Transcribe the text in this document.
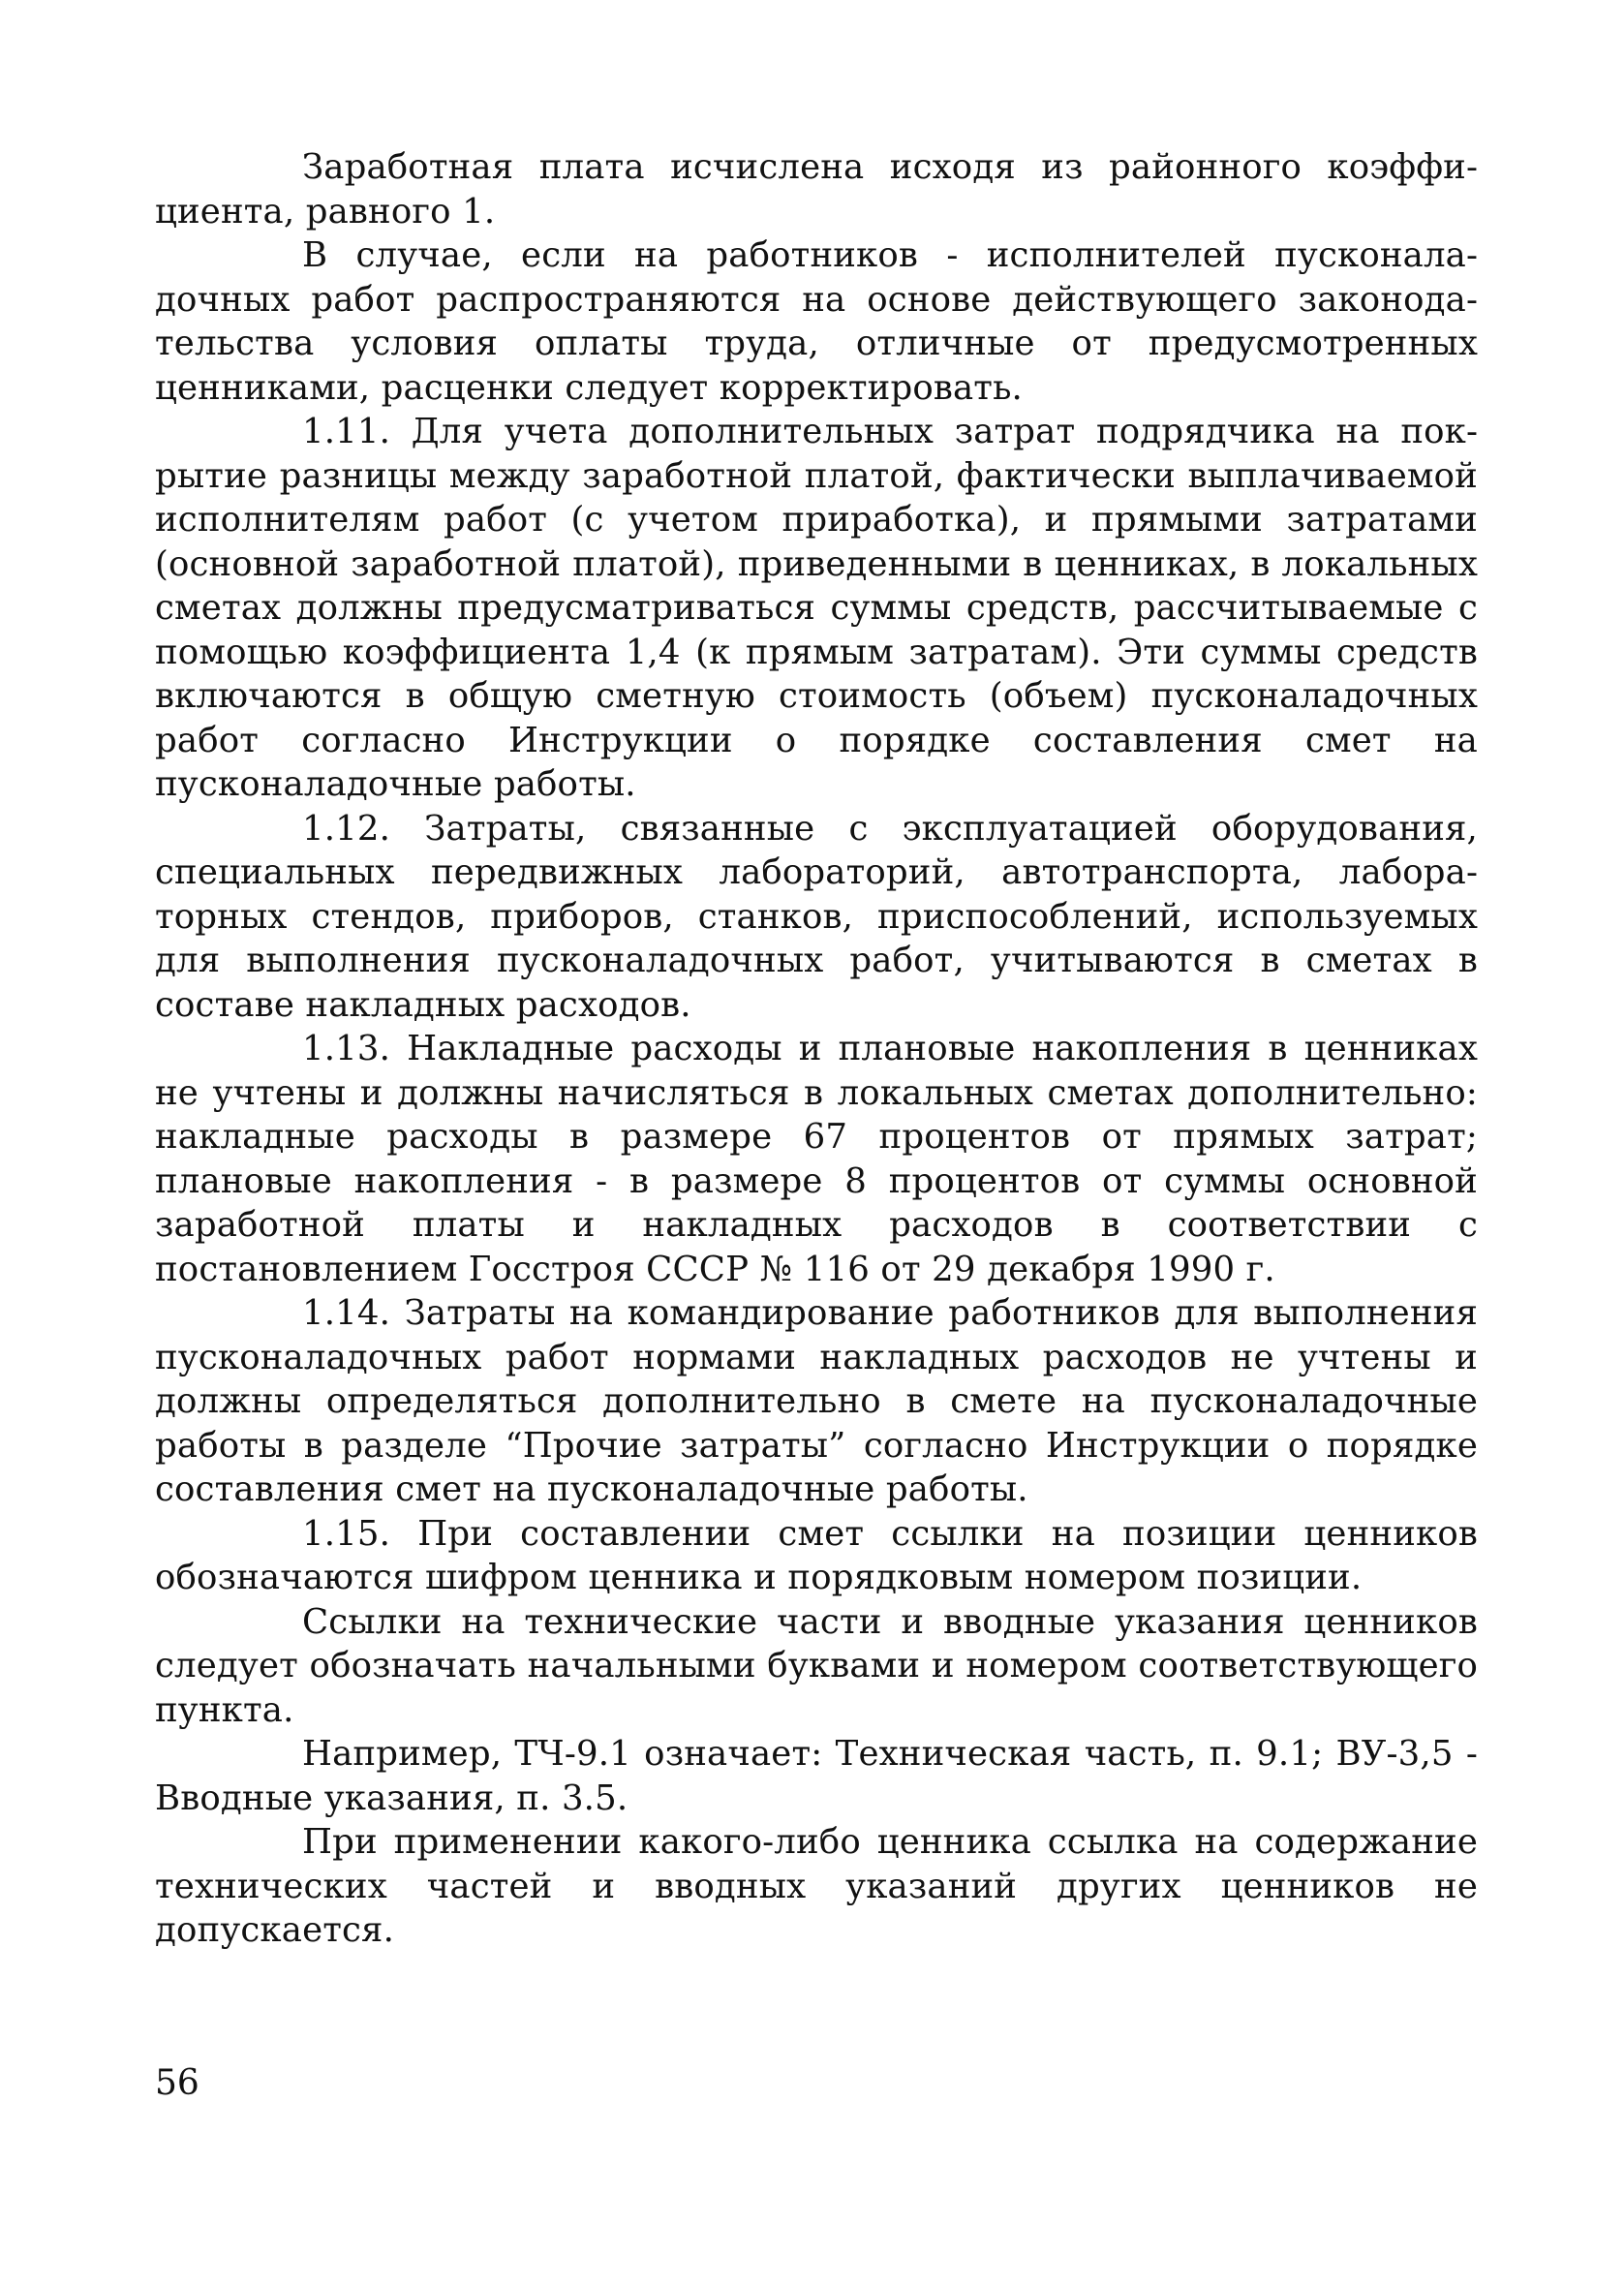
Заработная плата исчислена исходя из районного коэффициента, равного 1.

В случае, если на работников - исполнителей пусконаладочных работ распространяются на основе действующего законодательства условия оплаты труда, отличные от предусмотренных ценниками, расценки следует корректировать.

1.11. Для учета дополнительных затрат подрядчика на покрытие разницы между заработной платой, фактически выплачиваемой исполнителям работ (с учетом приработка), и прямыми затратами (основной заработной платой), приведенными в ценниках, в локальных сметах должны предусматриваться суммы средств, рассчитываемые с помощью коэффициента 1,4 (к прямым затратам). Эти суммы средств включаются в общую сметную стоимость (объем) пусконаладочных работ согласно Инструкции о порядке составления смет на пусконаладочные работы.

1.12. Затраты, связанные с эксплуатацией оборудования, специальных передвижных лабораторий, автотранспорта, лабораторных стендов, приборов, станков, приспособлений, используемых для выполнения пусконаладочных работ, учитываются в сметах в составе накладных расходов.

1.13. Накладные расходы и плановые накопления в ценниках не учтены и должны начисляться в локальных сметах дополнительно: накладные расходы в размере 67 процентов от прямых затрат; плановые накопления - в размере 8 процентов от суммы основной заработной платы и накладных расходов в соответствии с постановлением Госстроя СССР № 116 от 29 декабря 1990 г.

1.14. Затраты на командирование работников для выполнения пусконаладочных работ нормами накладных расходов не учтены и должны определяться дополнительно в смете на пусконаладочные работы в разделе “Прочие затраты” согласно Инструкции о порядке составления смет на пусконаладочные работы.

1.15. При составлении смет ссылки на позиции ценников обозначаются шифром ценника и порядковым номером позиции.

Ссылки на технические части и вводные указания ценников следует обозначать начальными буквами и номером соответствующего пункта.

Например, ТЧ-9.1 означает: Техническая часть, п. 9.1; ВУ-3,5 - Вводные указания, п. 3.5.

При применении какого-либо ценника ссылка на содержание технических частей и вводных указаний других ценников не допускается.

56
